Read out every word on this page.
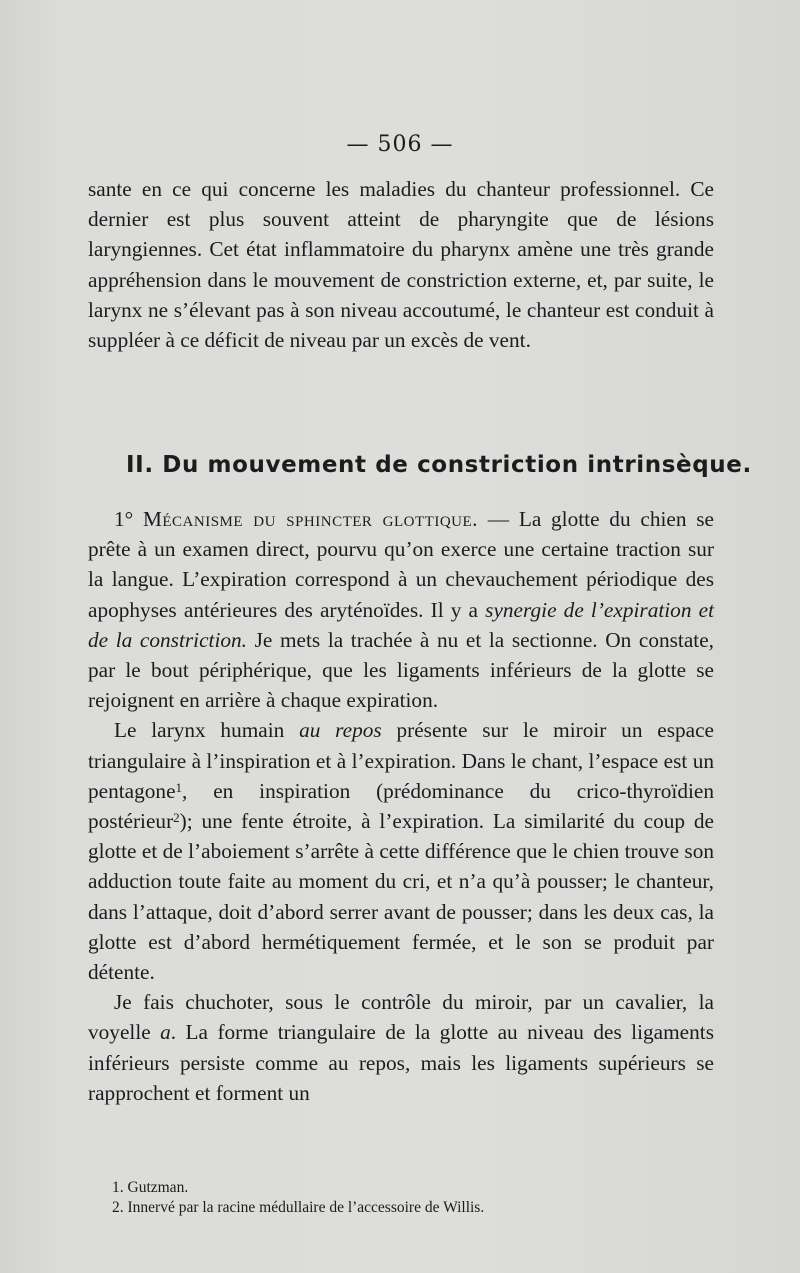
— 506 —

sante en ce qui concerne les maladies du chanteur professionnel. Ce dernier est plus souvent atteint de pharyngite que de lésions laryngiennes. Cet état inflammatoire du pharynx amène une très grande appréhension dans le mouvement de constriction externe, et, par suite, le larynx ne s’élevant pas à son niveau accoutumé, le chanteur est conduit à suppléer à ce déficit de niveau par un excès de vent.

II. Du mouvement de constriction intrinsèque.

1° Mécanisme du sphincter glottique. — La glotte du chien se prête à un examen direct, pourvu qu’on exerce une certaine traction sur la langue. L’expiration correspond à un chevauchement périodique des apophyses antérieures des aryténoïdes. Il y a synergie de l’expiration et de la constriction. Je mets la trachée à nu et la sectionne. On constate, par le bout périphérique, que les ligaments inférieurs de la glotte se rejoignent en arrière à chaque expiration.

Le larynx humain au repos présente sur le miroir un espace triangulaire à l’inspiration et à l’expiration. Dans le chant, l’espace est un pentagone$^1$, en inspiration (prédominance du crico-thyroïdien postérieur$^2$); une fente étroite, à l’expiration. La similarité du coup de glotte et de l’aboiement s’arrête à cette différence que le chien trouve son adduction toute faite au moment du cri, et n’a qu’à pousser; le chanteur, dans l’attaque, doit d’abord serrer avant de pousser; dans les deux cas, la glotte est d’abord hermétiquement fermée, et le son se produit par détente.

Je fais chuchoter, sous le contrôle du miroir, par un cavalier, la voyelle a. La forme triangulaire de la glotte au niveau des ligaments inférieurs persiste comme au repos, mais les ligaments supérieurs se rapprochent et forment un

1. Gutzman.

2. Innervé par la racine médullaire de l’accessoire de Willis.
